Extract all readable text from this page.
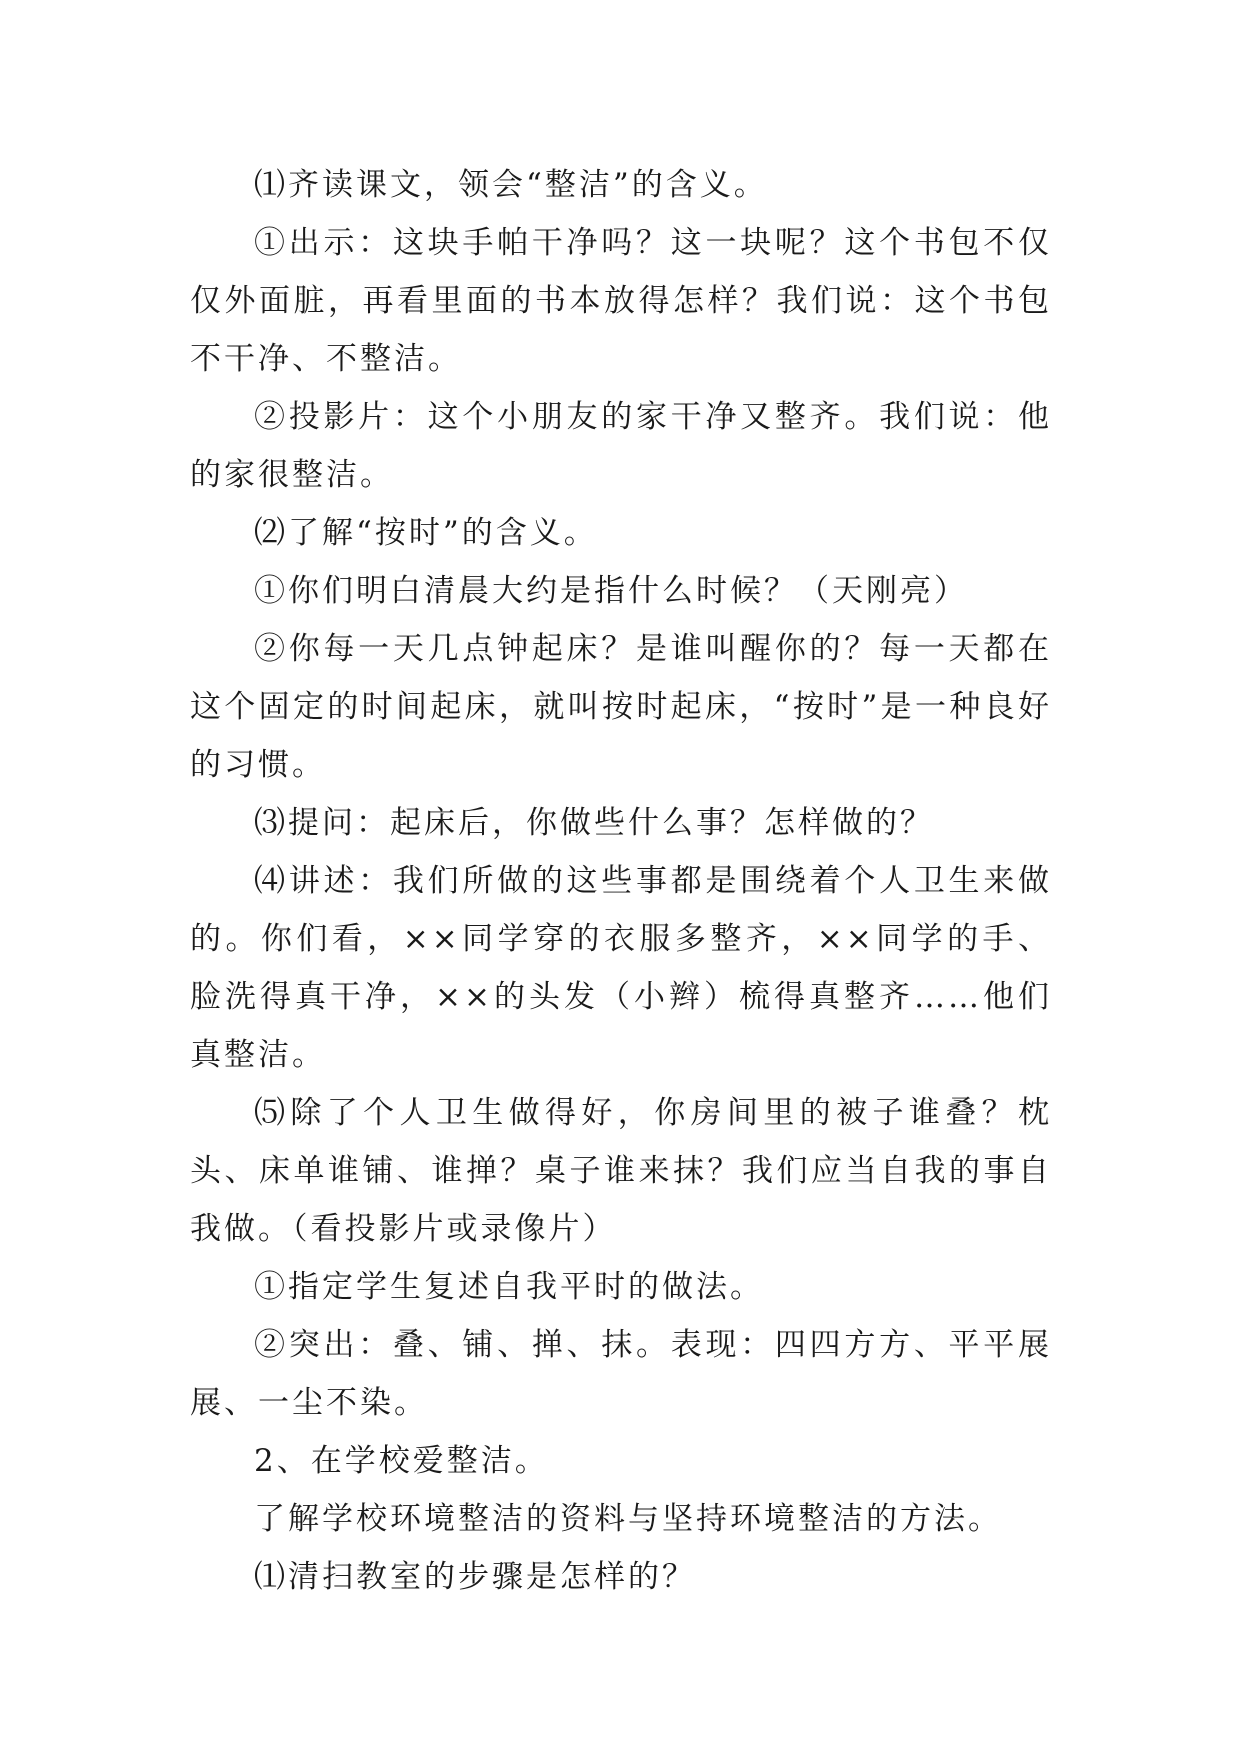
⑴齐读课文，领会“整洁”的含义。

①出示：这块手帕干净吗？这一块呢？这个书包不仅仅外面脏，再看里面的书本放得怎样？我们说：这个书包不干净、不整洁。

②投影片：这个小朋友的家干净又整齐。我们说：他的家很整洁。

⑵了解“按时”的含义。

①你们明白清晨大约是指什么时候？（天刚亮）

②你每一天几点钟起床？是谁叫醒你的？每一天都在这个固定的时间起床，就叫按时起床，“按时”是一种良好的习惯。

⑶提问：起床后，你做些什么事？怎样做的？

⑷讲述：我们所做的这些事都是围绕着个人卫生来做的。你们看，××同学穿的衣服多整齐，××同学的手、脸洗得真干净，××的头发（小辫）梳得真整齐……他们真整洁。

⑸除了个人卫生做得好，你房间里的被子谁叠？枕头、床单谁铺、谁掸？桌子谁来抹？我们应当自我的事自我做。（看投影片或录像片）

①指定学生复述自我平时的做法。

②突出：叠、铺、掸、抹。表现：四四方方、平平展展、一尘不染。

2、在学校爱整洁。

了解学校环境整洁的资料与坚持环境整洁的方法。

⑴清扫教室的步骤是怎样的？
